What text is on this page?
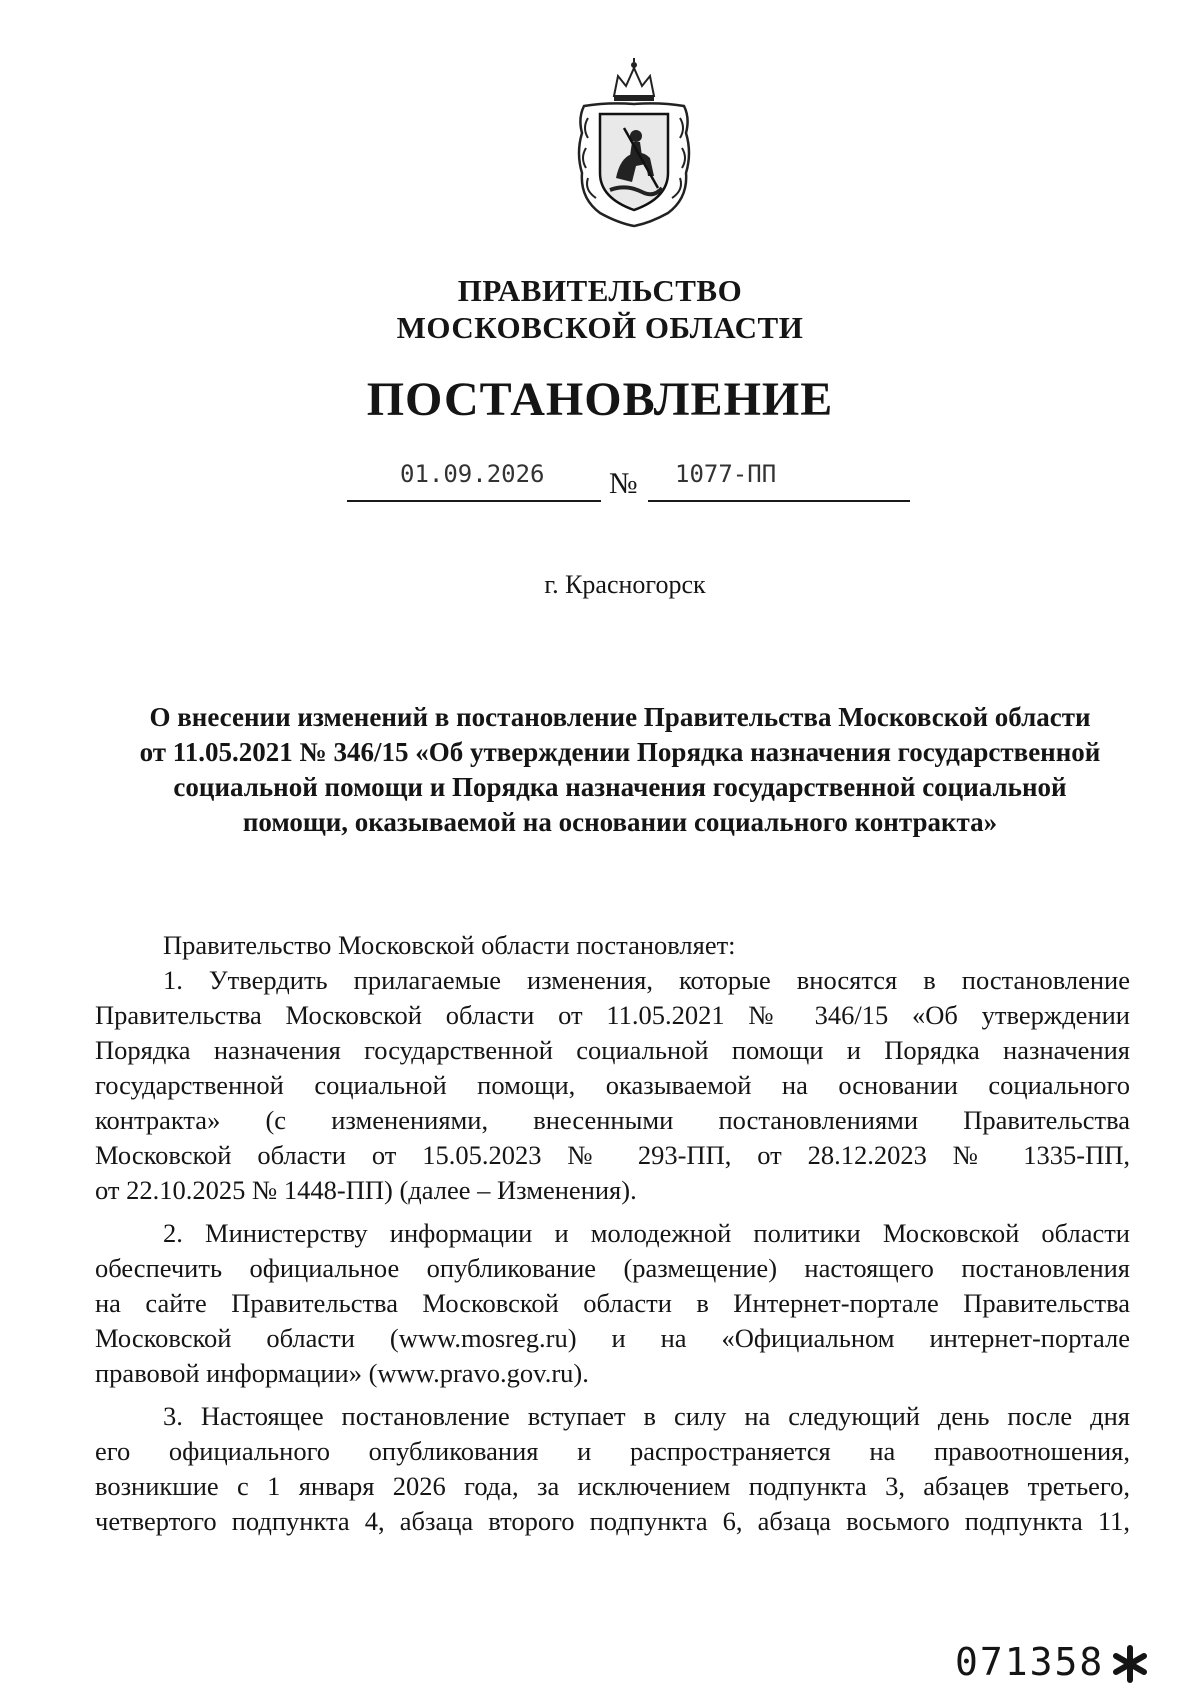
ПРАВИТЕЛЬСТВО
МОСКОВСКОЙ ОБЛАСТИ
ПОСТАНОВЛЕНИЕ
01.09.2026 № 1077-ПП
г. Красногорск
О внесении изменений в постановление Правительства Московской области
от 11.05.2021 № 346/15 «Об утверждении Порядка назначения государственной
социальной помощи и Порядка назначения государственной социальной
помощи, оказываемой на основании социального контракта»
Правительство Московской области постановляет:
1. Утвердить прилагаемые изменения, которые вносятся в постановление
Правительства Московской области от 11.05.2021 № 346/15 «Об утверждении
Порядка назначения государственной социальной помощи и Порядка назначения
государственной социальной помощи, оказываемой на основании социального
контракта» (с изменениями, внесенными постановлениями Правительства
Московской области от 15.05.2023 № 293-ПП, от 28.12.2023 № 1335-ПП,
от 22.10.2025 № 1448-ПП) (далее – Изменения).
2. Министерству информации и молодежной политики Московской области
обеспечить официальное опубликование (размещение) настоящего постановления
на сайте Правительства Московской области в Интернет-портале Правительства
Московской области (www.mosreg.ru) и на «Официальном интернет-портале
правовой информации» (www.pravo.gov.ru).
3. Настоящее постановление вступает в силу на следующий день после дня
его официального опубликования и распространяется на правоотношения,
возникшие с 1 января 2026 года, за исключением подпункта 3, абзацев третьего,
четвертого подпункта 4, абзаца второго подпункта 6, абзаца восьмого подпункта 11,
071358
